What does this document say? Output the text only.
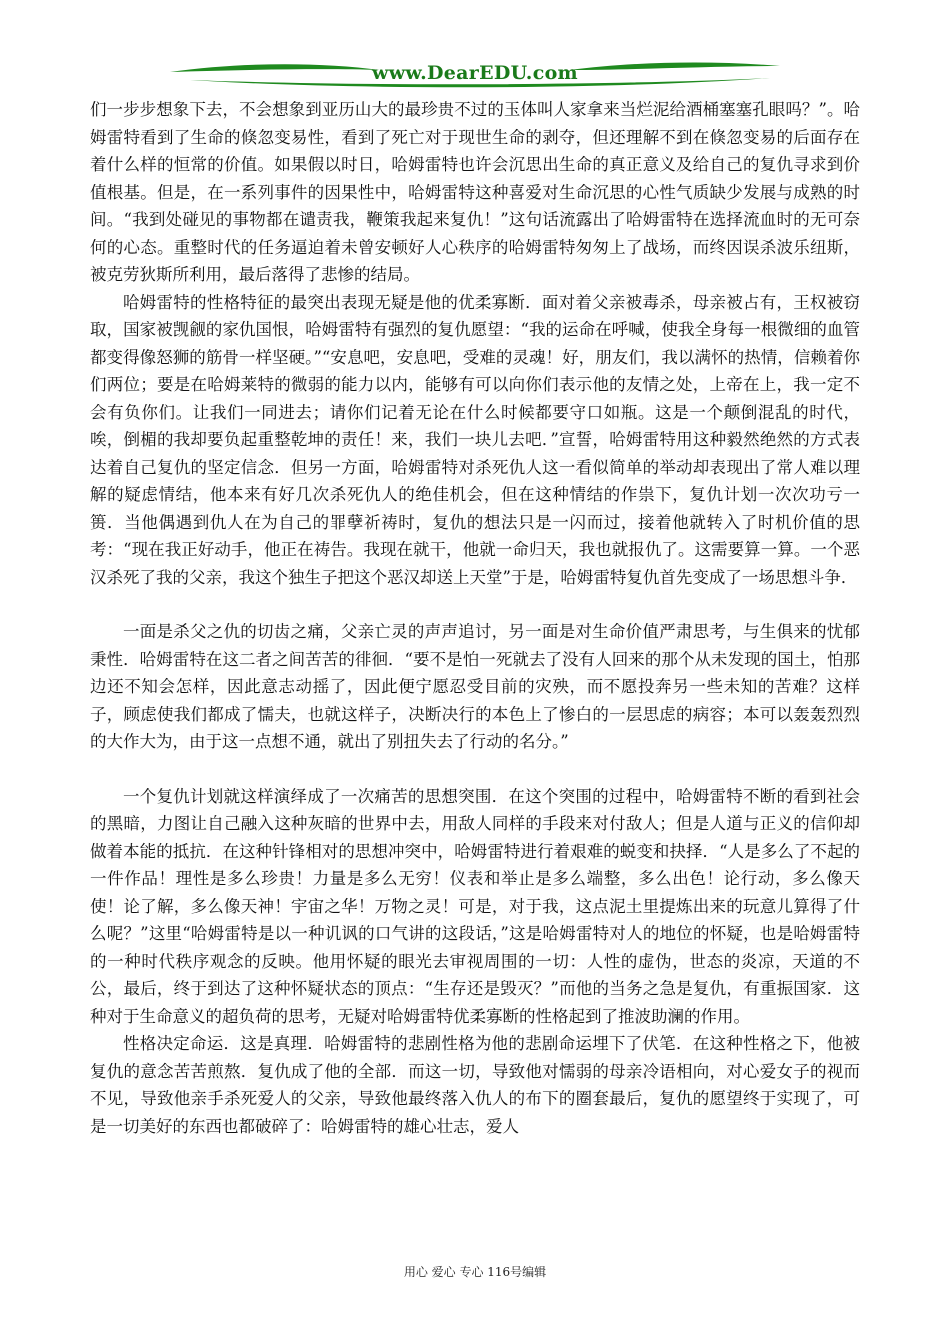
www.DearEDU.com

们一步步想象下去，不会想象到亚历山大的最珍贵不过的玉体叫人家拿来当烂泥给酒桶塞塞孔眼吗？”。哈姆雷特看到了生命的倏忽变易性，看到了死亡对于现世生命的剥夺，但还理解不到在倏忽变易的后面存在着什么样的恒常的价值。如果假以时日，哈姆雷特也许会沉思出生命的真正意义及给自己的复仇寻求到价值根基。但是，在一系列事件的因果性中，哈姆雷特这种喜爱对生命沉思的心性气质缺少发展与成熟的时间。“我到处碰见的事物都在谴责我，鞭策我起来复仇！”这句话流露出了哈姆雷特在选择流血时的无可奈何的心态。重整时代的任务逼迫着未曾安顿好人心秩序的哈姆雷特匆匆上了战场，而终因误杀波乐纽斯，被克劳狄斯所利用，最后落得了悲惨的结局。

哈姆雷特的性格特征的最突出表现无疑是他的优柔寡断．面对着父亲被毒杀，母亲被占有，王权被窃取，国家被觊觎的家仇国恨，哈姆雷特有强烈的复仇愿望：“我的运命在呼喊，使我全身每一根微细的血管都变得像怒狮的筋骨一样坚硬。”“安息吧，安息吧，受难的灵魂！好，朋友们，我以满怀的热情，信赖着你们两位；要是在哈姆莱特的微弱的能力以内，能够有可以向你们表示他的友情之处，上帝在上，我一定不会有负你们。让我们一同进去；请你们记着无论在什么时候都要守口如瓶。这是一个颠倒混乱的时代，唉，倒楣的我却要负起重整乾坤的责任！来，我们一块儿去吧．”宣誓，哈姆雷特用这种毅然绝然的方式表达着自己复仇的坚定信念．但另一方面，哈姆雷特对杀死仇人这一看似简单的举动却表现出了常人难以理解的疑虑情结，他本来有好几次杀死仇人的绝佳机会，但在这种情结的作祟下，复仇计划一次次功亏一篑．当他偶遇到仇人在为自己的罪孽祈祷时，复仇的想法只是一闪而过，接着他就转入了时机价值的思考：“现在我正好动手，他正在祷告。我现在就干，他就一命归天，我也就报仇了。这需要算一算。一个恶汉杀死了我的父亲，我这个独生子把这个恶汉却送上天堂”于是，哈姆雷特复仇首先变成了一场思想斗争．

一面是杀父之仇的切齿之痛，父亲亡灵的声声追讨，另一面是对生命价值严肃思考，与生俱来的忧郁秉性．哈姆雷特在这二者之间苦苦的徘徊．“要不是怕一死就去了没有人回来的那个从未发现的国土，怕那边还不知会怎样，因此意志动摇了，因此便宁愿忍受目前的灾殃，而不愿投奔另一些未知的苦难？这样子，顾虑使我们都成了懦夫，也就这样子，决断决行的本色上了惨白的一层思虑的病容；本可以轰轰烈烈的大作大为，由于这一点想不通，就出了别扭失去了行动的名分。”

一个复仇计划就这样演绎成了一次痛苦的思想突围．在这个突围的过程中，哈姆雷特不断的看到社会的黑暗，力图让自己融入这种灰暗的世界中去，用敌人同样的手段来对付敌人；但是人道与正义的信仰却做着本能的抵抗．在这种针锋相对的思想冲突中，哈姆雷特进行着艰难的蜕变和抉择．“人是多么了不起的一件作品！理性是多么珍贵！力量是多么无穷！仪表和举止是多么端整，多么出色！论行动，多么像天使！论了解，多么像天神！宇宙之华！万物之灵！可是，对于我，这点泥土里提炼出来的玩意儿算得了什么呢？”这里“哈姆雷特是以一种讥讽的口气讲的这段话，”这是哈姆雷特对人的地位的怀疑，也是哈姆雷特的一种时代秩序观念的反映。他用怀疑的眼光去审视周围的一切：人性的虚伪，世态的炎凉，天道的不公，最后，终于到达了这种怀疑状态的顶点：“生存还是毁灭？”而他的当务之急是复仇，有重振国家．这种对于生命意义的超负荷的思考，无疑对哈姆雷特优柔寡断的性格起到了推波助澜的作用。

性格决定命运．这是真理．哈姆雷特的悲剧性格为他的悲剧命运埋下了伏笔．在这种性格之下，他被复仇的意念苦苦煎熬．复仇成了他的全部．而这一切，导致他对懦弱的母亲冷语相向，对心爱女子的视而不见，导致他亲手杀死爱人的父亲，导致他最终落入仇人的布下的圈套最后，复仇的愿望终于实现了，可是一切美好的东西也都破碎了：哈姆雷特的雄心壮志，爱人

用心 爱心 专心 116号编辑
